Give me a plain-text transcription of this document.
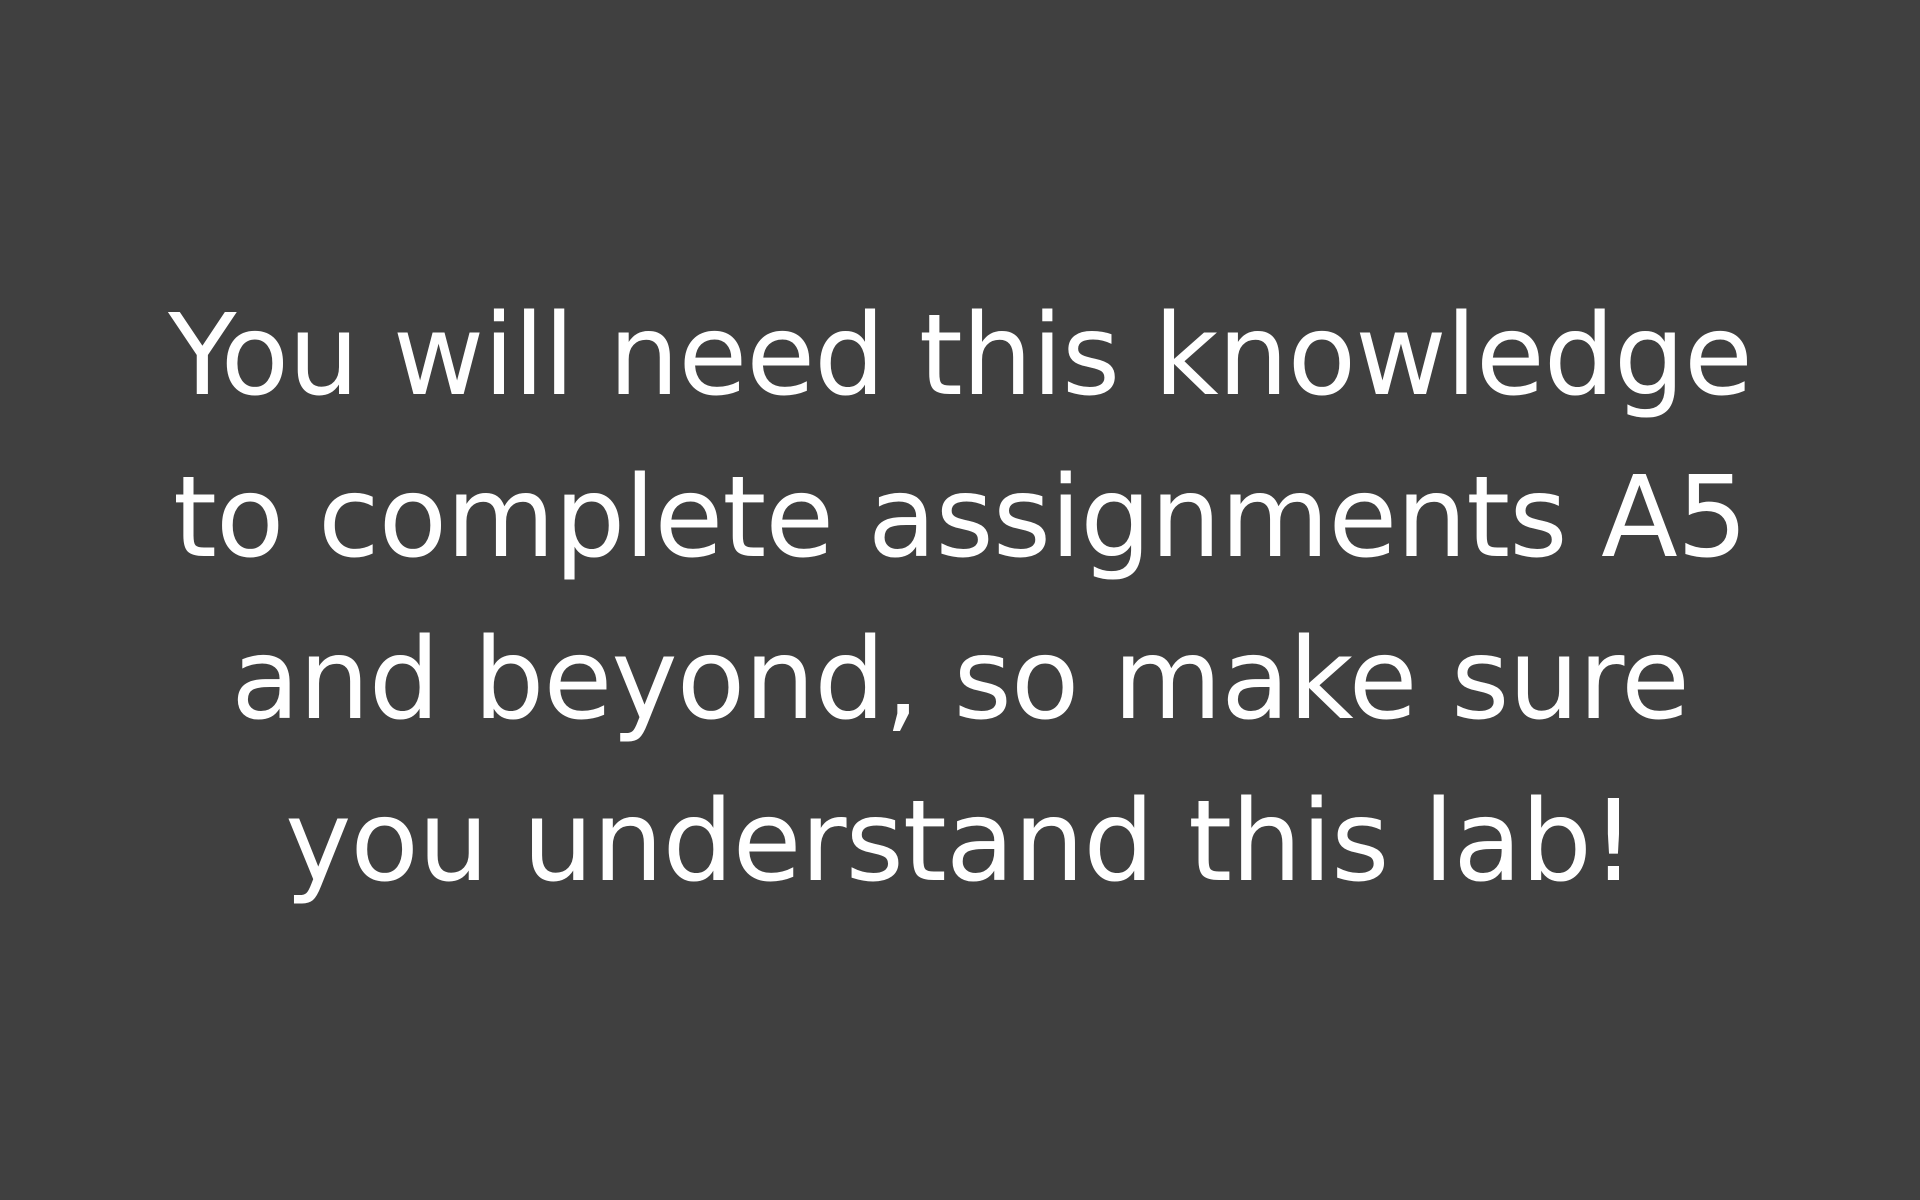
You will need this knowledge
to complete assignments A5
and beyond, so make sure
you understand this lab!
